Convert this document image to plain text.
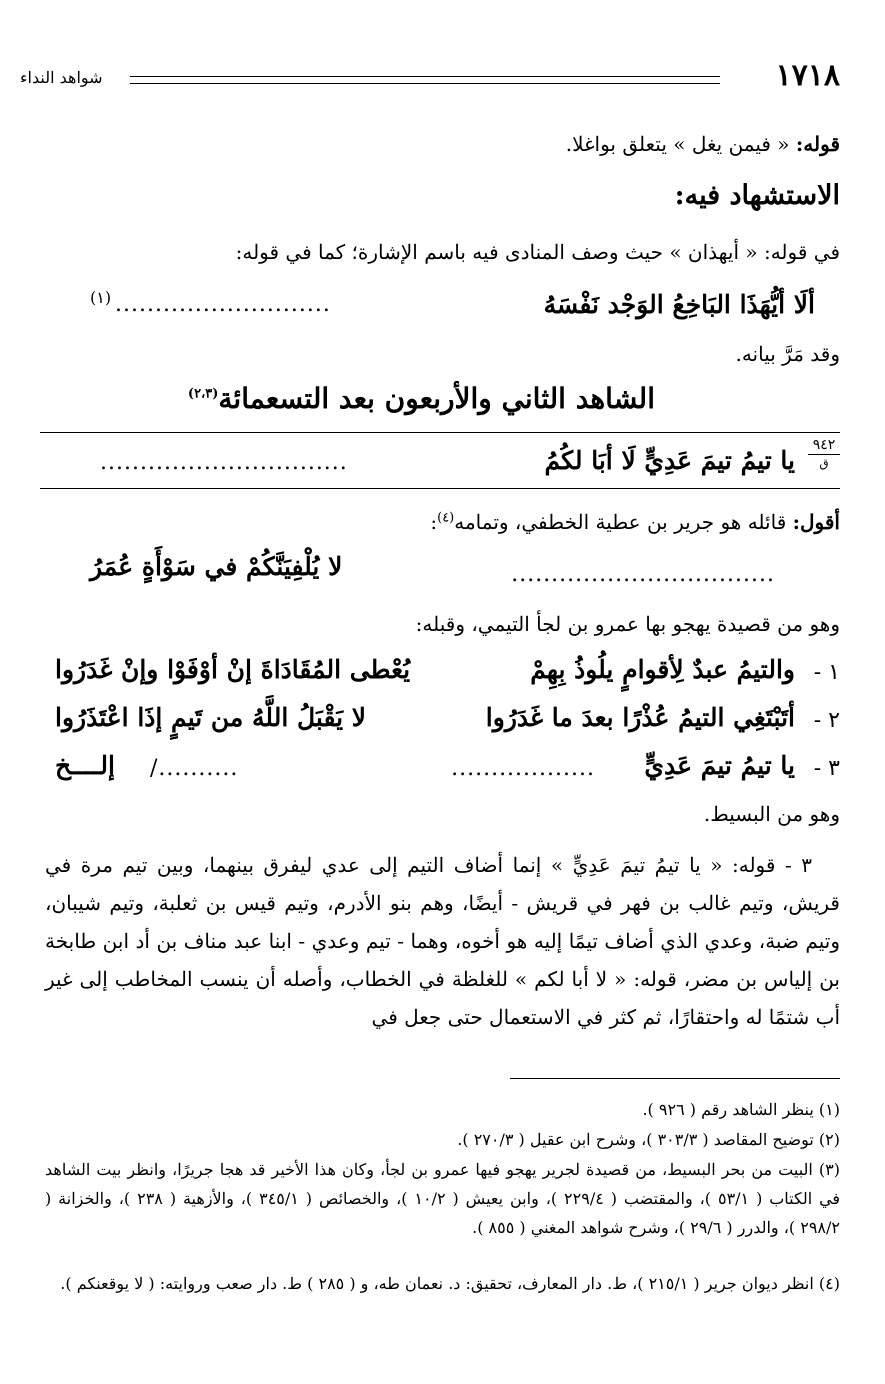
١٧١٨
شواهد النداء
قوله: « فيمن يغل » يتعلق بواغلا.
الاستشهاد فيه:
في قوله: « أيهذان » حيث وصف المنادى فيه باسم الإشارة؛ كما في قوله:
ألَا أيُّهَذَا البَاخِعُ الوَجْد نَفْسَهُ
...........................
(١)
وقد مَرَّ بيانه.
الشاهد الثاني والأربعون بعد التسعمائة$^{(٢،٣)}$
٩٤٢
ق
يا تيمُ تيمَ عَدِيٍّ لَا أبَا لكُمُ
...............................
أقول: قائله هو جرير بن عطية الخطفي، وتمامه$^{(٤)}$:
.................................
لا يُلْفِيَنَّكُمْ في سَوْأَةٍ عُمَرُ
وهو من قصيدة يهجو بها عمرو بن لجأ التيمي، وقبله:
١ -
والتيمُ عبدٌ لِأقوامٍ يلُوذُ بِهِمْ
يُعْطى المُقَادَاةَ إنْ أوْفَوْا وإنْ غَدَرُوا
٢ -
أتَبْتَغِي التيمُ عُذْرًا بعدَ ما غَدَرُوا
لا يَقْبَلُ اللَّهُ من تَيمٍ إذَا اعْتَذَرُوا
٣ -
يا تيمُ تيمَ عَدِيٍّ
..................
........../
إلــــخ
وهو من البسيط.
٣ - قوله: « يا تيمُ تيمَ عَدِيٍّ » إنما أضاف التيم إلى عدي ليفرق بينهما، وبين تيم مرة في قريش، وتيم غالب بن فهر في قريش - أيضًا، وهم بنو الأدرم، وتيم قيس بن ثعلبة، وتيم شيبان، وتيم ضبة، وعدي الذي أضاف تيمًا إليه هو أخوه، وهما - تيم وعدي - ابنا عبد مناف بن أد ابن طابخة بن إلياس بن مضر، قوله: « لا أبا لكم » للغلظة في الخطاب، وأصله أن ينسب المخاطب إلى غير أب شتمًا له واحتقارًا، ثم كثر في الاستعمال حتى جعل في
(١) ينظر الشاهد رقم ( ٩٢٦ ).
(٢) توضيح المقاصد ( ٣٠٣/٣ )، وشرح ابن عقيل ( ٢٧٠/٣ ).
(٣) البيت من بحر البسيط، من قصيدة لجرير يهجو فيها عمرو بن لجأ، وكان هذا الأخير قد هجا جريرًا، وانظر بيت الشاهد في الكتاب ( ٥٣/١ )، والمقتضب ( ٢٢٩/٤ )، وابن يعيش ( ١٠/٢ )، والخصائص ( ٣٤٥/١ )، والأزهية ( ٢٣٨ )، والخزانة ( ٢٩٨/٢ )، والدرر ( ٢٩/٦ )، وشرح شواهد المغني ( ٨٥٥ ).
(٤) انظر ديوان جرير ( ٢١٥/١ )، ط. دار المعارف، تحقيق: د. نعمان طه، و ( ٢٨٥ ) ط. دار صعب وروايته: ( لا يوقعنكم ).
